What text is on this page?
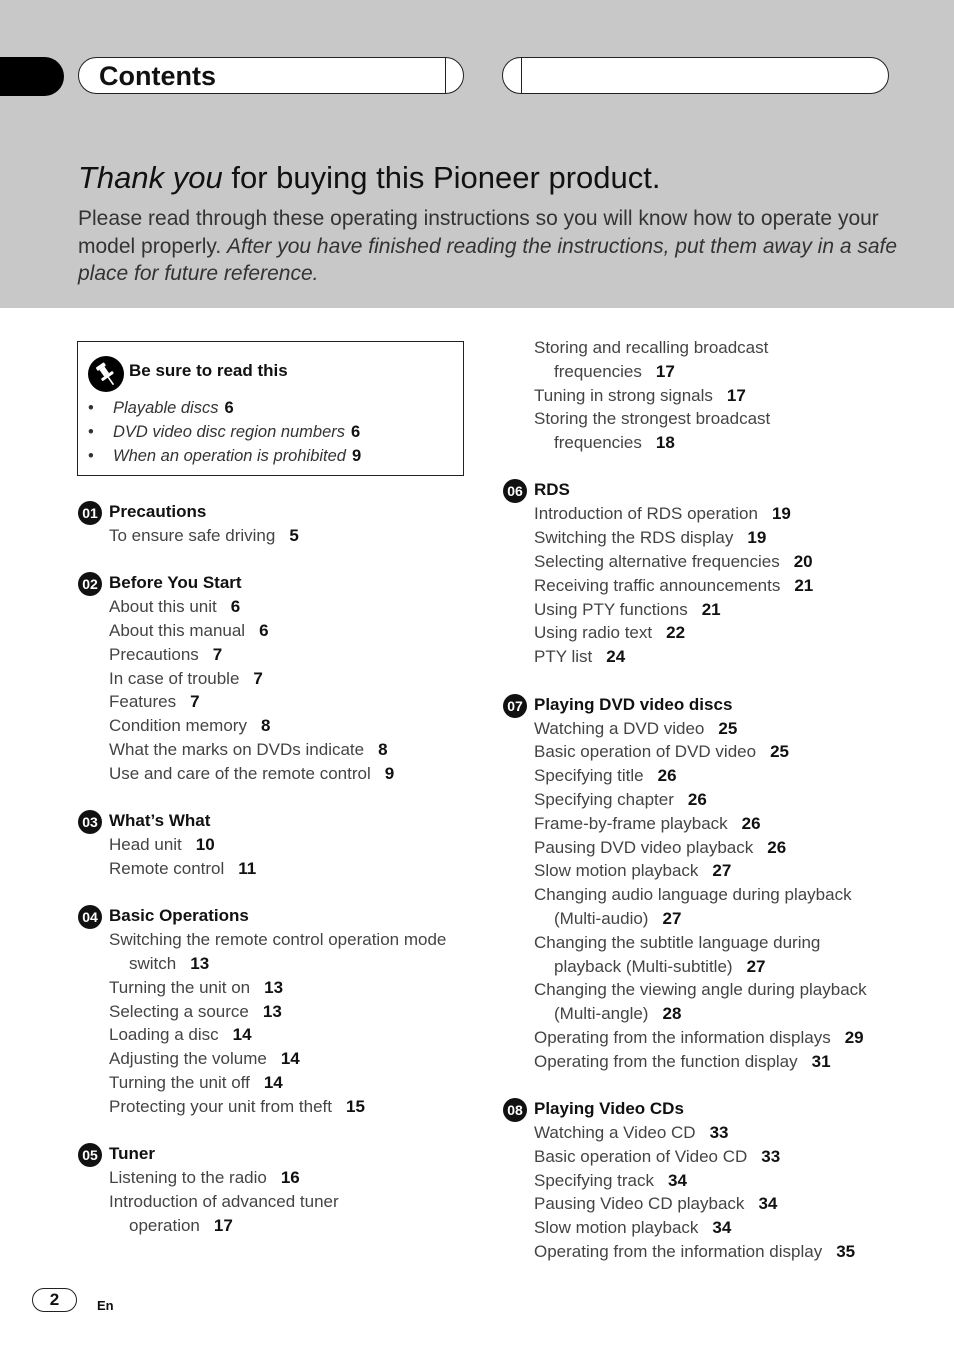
Contents
Thank you for buying this Pioneer product.
Please read through these operating instructions so you will know how to operate your model properly. After you have finished reading the instructions, put them away in a safe place for future reference.
Be sure to read this
• Playable discs 6
• DVD video disc region numbers 6
• When an operation is prohibited 9
01 Precautions
To ensure safe driving 5
02 Before You Start
About this unit 6
About this manual 6
Precautions 7
In case of trouble 7
Features 7
Condition memory 8
What the marks on DVDs indicate 8
Use and care of the remote control 9
03 What’s What
Head unit 10
Remote control 11
04 Basic Operations
Switching the remote control operation mode
switch 13
Turning the unit on 13
Selecting a source 13
Loading a disc 14
Adjusting the volume 14
Turning the unit off 14
Protecting your unit from theft 15
05 Tuner
Listening to the radio 16
Introduction of advanced tuner
operation 17
Storing and recalling broadcast
frequencies 17
Tuning in strong signals 17
Storing the strongest broadcast
frequencies 18
06 RDS
Introduction of RDS operation 19
Switching the RDS display 19
Selecting alternative frequencies 20
Receiving traffic announcements 21
Using PTY functions 21
Using radio text 22
PTY list 24
07 Playing DVD video discs
Watching a DVD video 25
Basic operation of DVD video 25
Specifying title 26
Specifying chapter 26
Frame-by-frame playback 26
Pausing DVD video playback 26
Slow motion playback 27
Changing audio language during playback
(Multi-audio) 27
Changing the subtitle language during
playback (Multi-subtitle) 27
Changing the viewing angle during playback
(Multi-angle) 28
Operating from the information displays 29
Operating from the function display 31
08 Playing Video CDs
Watching a Video CD 33
Basic operation of Video CD 33
Specifying track 34
Pausing Video CD playback 34
Slow motion playback 34
Operating from the information display 35
2	En
